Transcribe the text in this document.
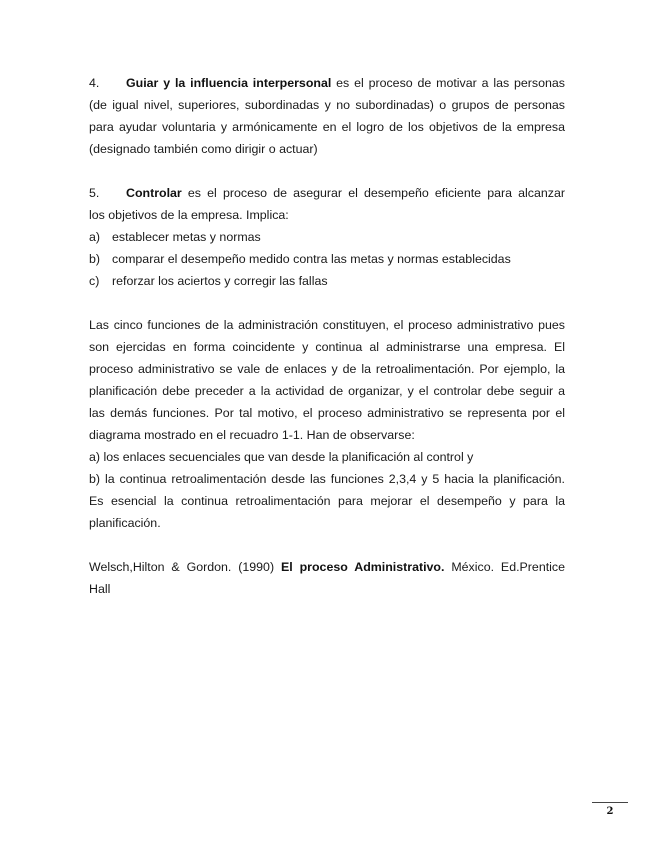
4. Guiar y la influencia interpersonal es el proceso de motivar a las personas
(de igual nivel, superiores, subordinadas y no subordinadas) o grupos de personas
para ayudar voluntaria y armónicamente en el logro de los objetivos de la empresa
(designado también como dirigir o actuar)
5. Controlar es el proceso de asegurar el desempeño eficiente para alcanzar
los objetivos de la empresa. Implica:
a) establecer metas y normas
b) comparar el desempeño medido contra las metas y normas establecidas
c) reforzar los aciertos y corregir las fallas
Las cinco funciones de la administración constituyen, el proceso administrativo pues
son ejercidas en forma coincidente y continua al administrarse una empresa. El
proceso administrativo se vale de enlaces y de la retroalimentación. Por ejemplo, la
planificación debe preceder a la actividad de organizar, y el controlar debe seguir a
las demás funciones. Por tal motivo, el proceso administrativo se representa por el
diagrama mostrado en el recuadro 1-1. Han de observarse:
a) los enlaces secuenciales que van desde la planificación al control y
b) la continua retroalimentación desde las funciones 2,3,4 y 5 hacia la planificación.
Es esencial la continua retroalimentación para mejorar el desempeño y para la
planificación.
Welsch,Hilton & Gordon. (1990) El proceso Administrativo. México. Ed.Prentice
Hall
2
